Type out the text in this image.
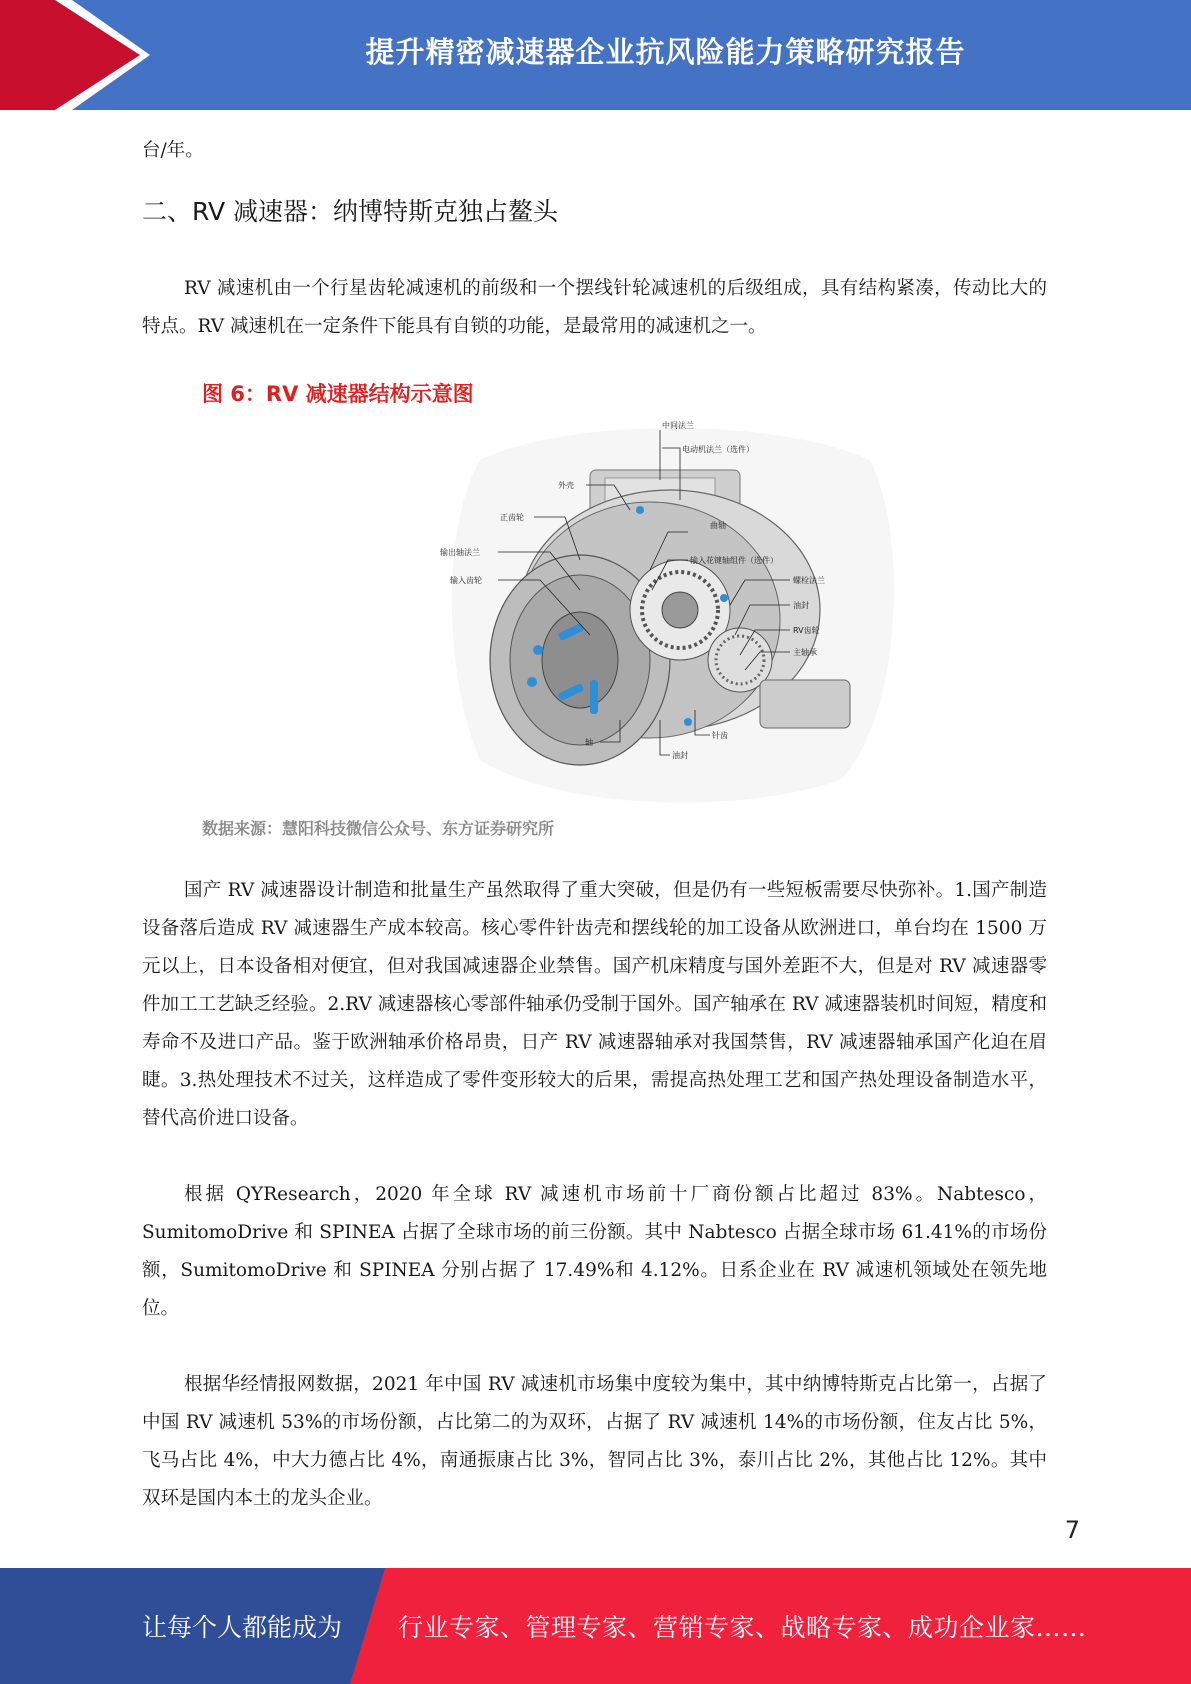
提升精密减速器企业抗风险能力策略研究报告

台/年。

二、RV 减速器：纳博特斯克独占鳌头

RV 减速机由一个行星齿轮减速机的前级和一个摆线针轮减速机的后级组成，具有结构紧凑，传动比大的特点。RV 减速机在一定条件下能具有自锁的功能，是最常用的减速机之一。

国产 RV 减速器设计制造和批量生产虽然取得了重大突破，但是仍有一些短板需要尽快弥补。1.国产制造设备落后造成 RV 减速器生产成本较高。核心零件针齿壳和摆线轮的加工设备从欧洲进口，单台均在 1500 万元以上，日本设备相对便宜，但对我国减速器企业禁售。国产机床精度与国外差距不大，但是对 RV 减速器零件加工工艺缺乏经验。2.RV 减速器核心零部件轴承仍受制于国外。国产轴承在 RV 减速器装机时间短，精度和寿命不及进口产品。鉴于欧洲轴承价格昂贵，日产 RV 减速器轴承对我国禁售，RV 减速器轴承国产化迫在眉睫。3.热处理技术不过关，这样造成了零件变形较大的后果，需提高热处理工艺和国产热处理设备制造水平，替代高价进口设备。

根据 QYResearch，2020 年全球 RV 减速机市场前十厂商份额占比超过 83%。Nabtesco，SumitomoDrive 和 SPINEA 占据了全球市场的前三份额。其中 Nabtesco 占据全球市场 61.41%的市场份额，SumitomoDrive 和 SPINEA 分别占据了 17.49%和 4.12%。日系企业在 RV 减速机领域处在领先地位。

根据华经情报网数据，2021 年中国 RV 减速机市场集中度较为集中，其中纳博特斯克占比第一，占据了中国 RV 减速机 53%的市场份额，占比第二的为双环，占据了 RV 减速机 14%的市场份额，住友占比 5%，飞马占比 4%，中大力德占比 4%，南通振康占比 3%，智同占比 3%，泰川占比 2%，其他占比 12%。其中双环是国内本土的龙头企业。

图 6：RV 减速器结构示意图
中间法兰
电动机法兰（选件）
外壳
正齿轮
曲轴
输入花键轴组件（选件）
输出轴法兰
螺栓法兰
输入齿轮
油封
RV齿轮
主轴承
针齿
轴
油封
数据来源：慧阳科技微信公众号、东方证券研究所
7
让每个人都能成为 行业专家、管理专家、营销专家、战略专家、成功企业家……
